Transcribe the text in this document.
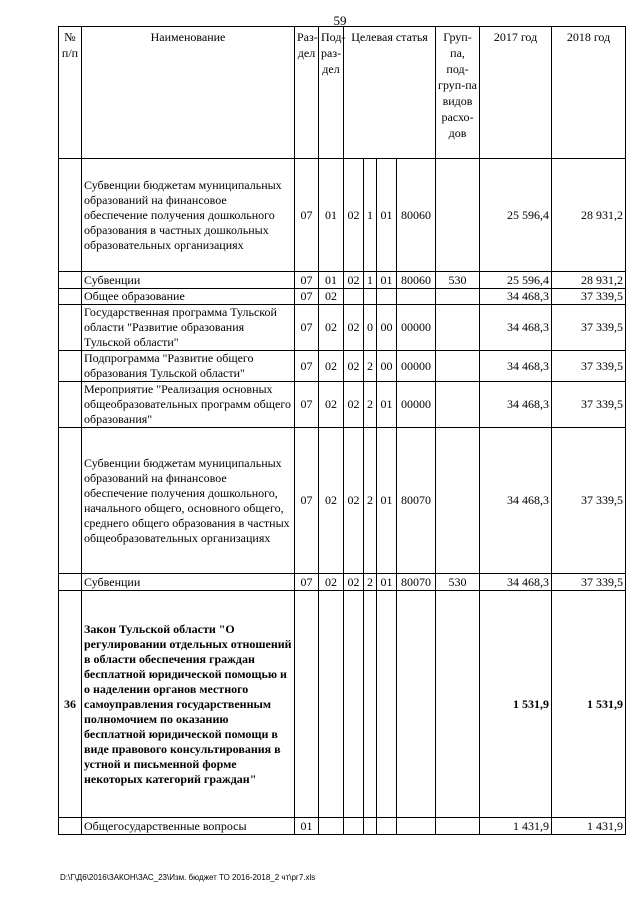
59
№ п/п	Наименование	Раз-дел	Под-раз-дел	Целевая статья				Груп-па, под-груп-па видов расхо-дов	2017 год	2018 год
	Субвенции бюджетам муниципальных образований на финансовое обеспечение получения дошкольного образования в частных дошкольных образовательных организациях	07	01	02	1	01	80060		25 596,4	28 931,2
	Субвенции	07	01	02	1	01	80060	530	25 596,4	28 931,2
	Общее образование	07	02						34 468,3	37 339,5
	Государственная программа Тульской области "Развитие образования Тульской области"	07	02	02	0	00	00000		34 468,3	37 339,5
	Подпрограмма "Развитие общего образования Тульской области"	07	02	02	2	00	00000		34 468,3	37 339,5
	Мероприятие "Реализация основных общеобразовательных программ общего образования"	07	02	02	2	01	00000		34 468,3	37 339,5
	Субвенции бюджетам муниципальных образований на финансовое обеспечение получения дошкольного, начального общего, основного общего, среднего общего образования в частных общеобразовательных организациях	07	02	02	2	01	80070		34 468,3	37 339,5
	Субвенции	07	02	02	2	01	80070	530	34 468,3	37 339,5
36	Закон Тульской области "О регулировании отдельных отношений в области обеспечения граждан бесплатной юридической помощью и о наделении органов местного самоуправления государственным полномочием по оказанию бесплатной юридической помощи в виде правового консультирования в устной и письменной форме некоторых категорий граждан"								1 531,9	1 531,9
	Общегосударственные вопросы	01							1 431,9	1 431,9
D:\Г\Д6\2016\ЗАКОН\ЗАС_23\Изм. бюджет ТО 2016-2018_2 чт\рг7.xls
